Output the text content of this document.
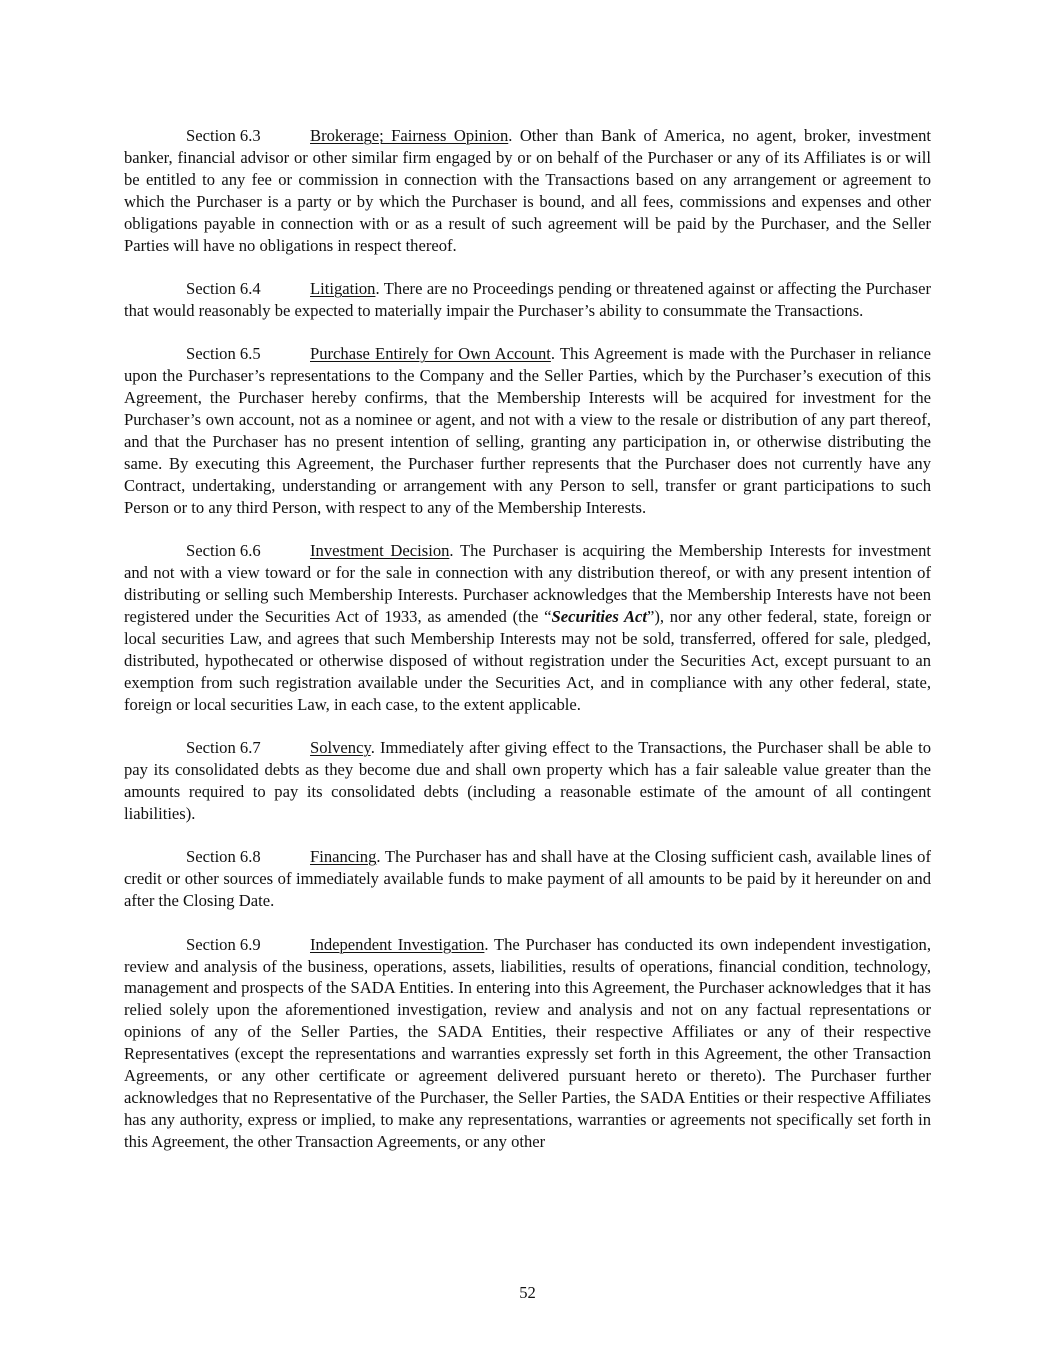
Section 6.3	Brokerage; Fairness Opinion. Other than Bank of America, no agent, broker, investment banker, financial advisor or other similar firm engaged by or on behalf of the Purchaser or any of its Affiliates is or will be entitled to any fee or commission in connection with the Transactions based on any arrangement or agreement to which the Purchaser is a party or by which the Purchaser is bound, and all fees, commissions and expenses and other obligations payable in connection with or as a result of such agreement will be paid by the Purchaser, and the Seller Parties will have no obligations in respect thereof.

Section 6.4	Litigation. There are no Proceedings pending or threatened against or affecting the Purchaser that would reasonably be expected to materially impair the Purchaser’s ability to consummate the Transactions.

Section 6.5	Purchase Entirely for Own Account. This Agreement is made with the Purchaser in reliance upon the Purchaser’s representations to the Company and the Seller Parties, which by the Purchaser’s execution of this Agreement, the Purchaser hereby confirms, that the Membership Interests will be acquired for investment for the Purchaser’s own account, not as a nominee or agent, and not with a view to the resale or distribution of any part thereof, and that the Purchaser has no present intention of selling, granting any participation in, or otherwise distributing the same. By executing this Agreement, the Purchaser further represents that the Purchaser does not currently have any Contract, undertaking, understanding or arrangement with any Person to sell, transfer or grant participations to such Person or to any third Person, with respect to any of the Membership Interests.

Section 6.6	Investment Decision. The Purchaser is acquiring the Membership Interests for investment and not with a view toward or for the sale in connection with any distribution thereof, or with any present intention of distributing or selling such Membership Interests. Purchaser acknowledges that the Membership Interests have not been registered under the Securities Act of 1933, as amended (the “Securities Act”), nor any other federal, state, foreign or local securities Law, and agrees that such Membership Interests may not be sold, transferred, offered for sale, pledged, distributed, hypothecated or otherwise disposed of without registration under the Securities Act, except pursuant to an exemption from such registration available under the Securities Act, and in compliance with any other federal, state, foreign or local securities Law, in each case, to the extent applicable.

Section 6.7	Solvency. Immediately after giving effect to the Transactions, the Purchaser shall be able to pay its consolidated debts as they become due and shall own property which has a fair saleable value greater than the amounts required to pay its consolidated debts (including a reasonable estimate of the amount of all contingent liabilities).

Section 6.8	Financing. The Purchaser has and shall have at the Closing sufficient cash, available lines of credit or other sources of immediately available funds to make payment of all amounts to be paid by it hereunder on and after the Closing Date.

Section 6.9	Independent Investigation. The Purchaser has conducted its own independent investigation, review and analysis of the business, operations, assets, liabilities, results of operations, financial condition, technology, management and prospects of the SADA Entities. In entering into this Agreement, the Purchaser acknowledges that it has relied solely upon the aforementioned investigation, review and analysis and not on any factual representations or opinions of any of the Seller Parties, the SADA Entities, their respective Affiliates or any of their respective Representatives (except the representations and warranties expressly set forth in this Agreement, the other Transaction Agreements, or any other certificate or agreement delivered pursuant hereto or thereto). The Purchaser further acknowledges that no Representative of the Purchaser, the Seller Parties, the SADA Entities or their respective Affiliates has any authority, express or implied, to make any representations, warranties or agreements not specifically set forth in this Agreement, the other Transaction Agreements, or any other

52
